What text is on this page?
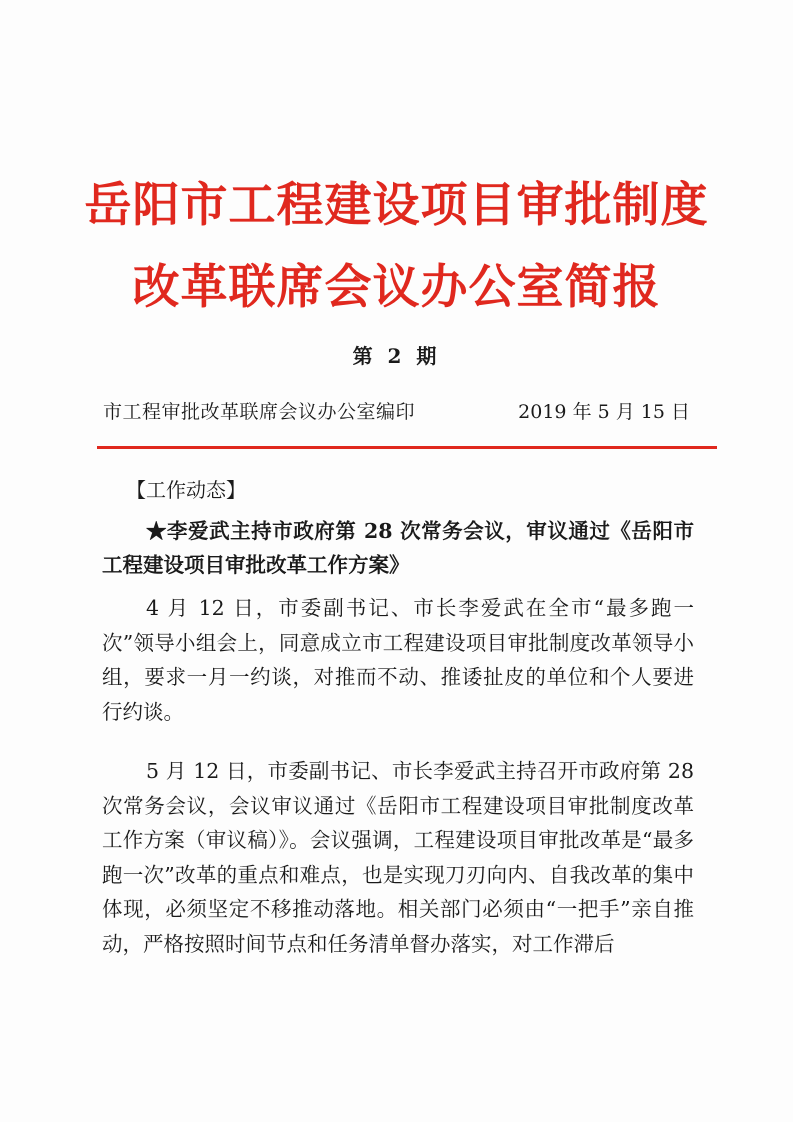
岳阳市工程建设项目审批制度
改革联席会议办公室简报
第 2 期
市工程审批改革联席会议办公室编印	2019 年 5 月 15 日
【工作动态】

★李爱武主持市政府第 28 次常务会议，审议通过《岳阳市工程建设项目审批改革工作方案》

4 月 12 日，市委副书记、市长李爱武在全市“最多跑一次”领导小组会上，同意成立市工程建设项目审批制度改革领导小组，要求一月一约谈，对推而不动、推诿扯皮的单位和个人要进行约谈。

5 月 12 日，市委副书记、市长李爱武主持召开市政府第 28 次常务会议，会议审议通过《岳阳市工程建设项目审批制度改革工作方案（审议稿）》。会议强调，工程建设项目审批改革是“最多跑一次”改革的重点和难点，也是实现刀刃向内、自我改革的集中体现，必须坚定不移推动落地。相关部门必须由“一把手”亲自推动，严格按照时间节点和任务清单督办落实，对工作滞后
